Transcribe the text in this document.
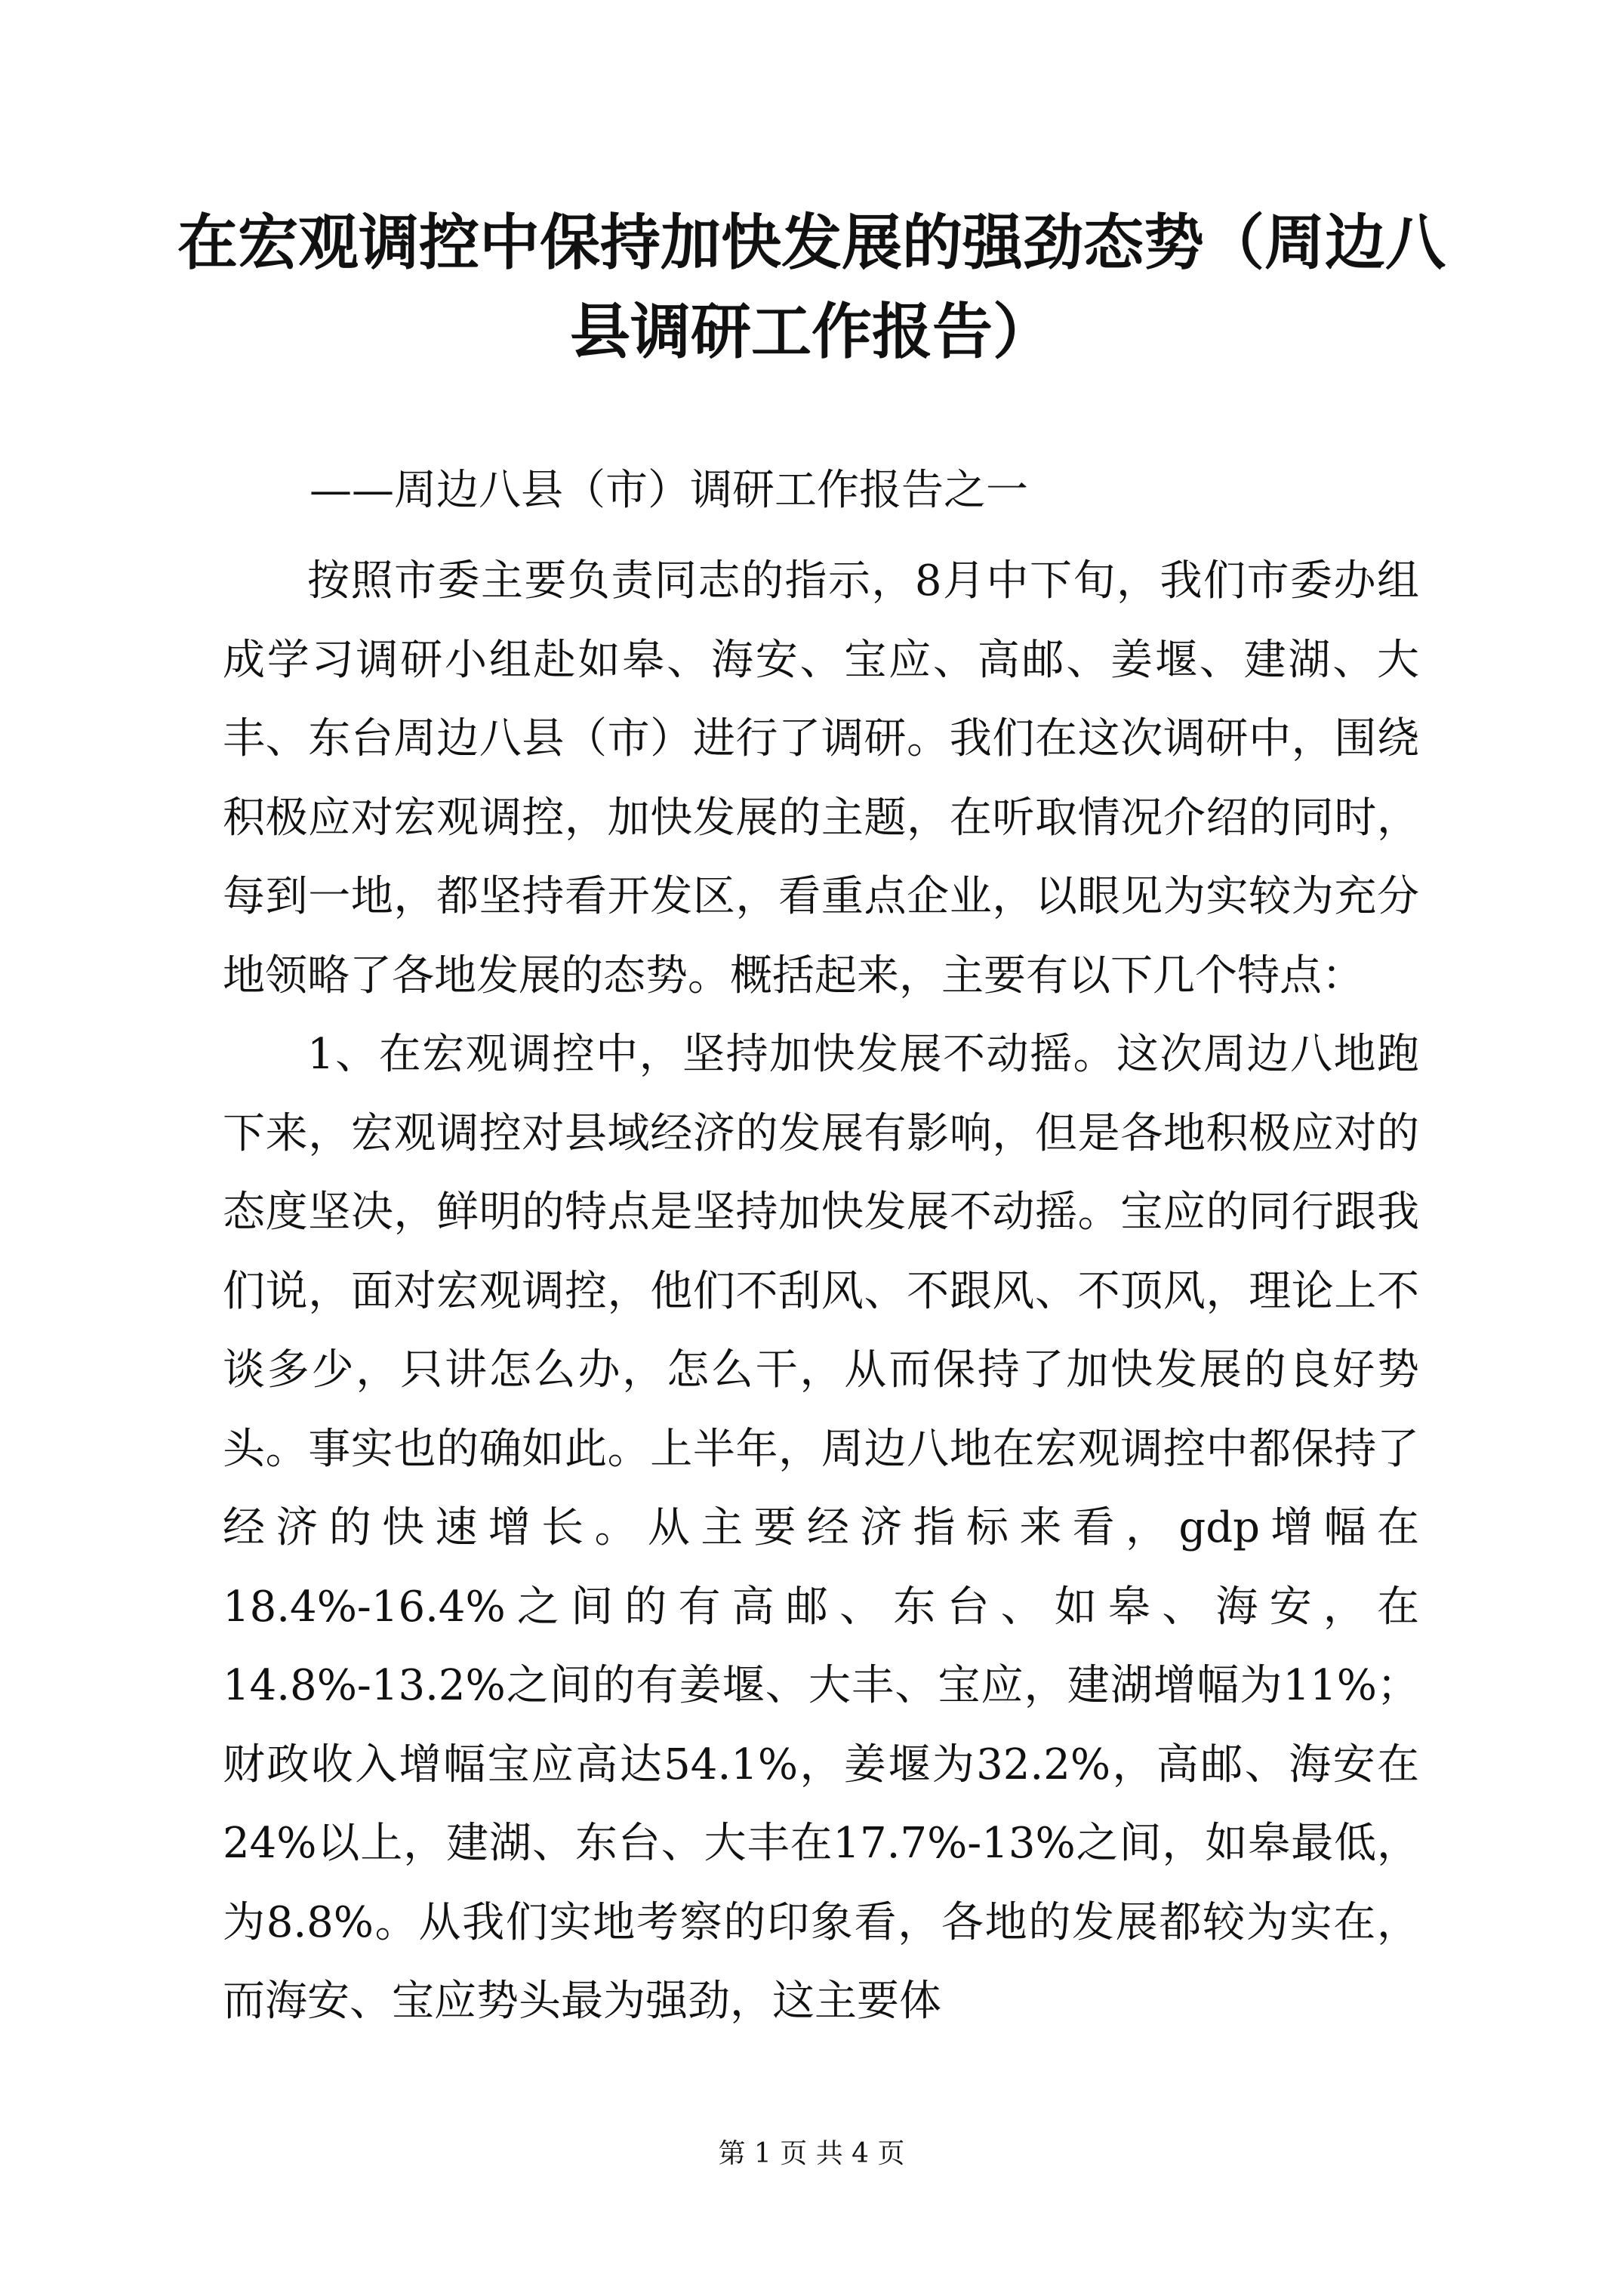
在宏观调控中保持加快发展的强劲态势（周边八县调研工作报告）

——周边八县（市）调研工作报告之一

按照市委主要负责同志的指示，8月中下旬，我们市委办组成学习调研小组赴如皋、海安、宝应、高邮、姜堰、建湖、大丰、东台周边八县（市）进行了调研。我们在这次调研中，围绕积极应对宏观调控，加快发展的主题，在听取情况介绍的同时，每到一地，都坚持看开发区，看重点企业，以眼见为实较为充分地领略了各地发展的态势。概括起来，主要有以下几个特点：

1、在宏观调控中，坚持加快发展不动摇。这次周边八地跑下来，宏观调控对县域经济的发展有影响，但是各地积极应对的态度坚决，鲜明的特点是坚持加快发展不动摇。宝应的同行跟我们说，面对宏观调控，他们不刮风、不跟风、不顶风，理论上不谈多少，只讲怎么办，怎么干，从而保持了加快发展的良好势头。事实也的确如此。上半年，周边八地在宏观调控中都保持了经济的快速增长。从主要经济指标来看，gdp增幅在18.4%-16.4%之间的有高邮、东台、如皋、海安，在14.8%-13.2%之间的有姜堰、大丰、宝应，建湖增幅为11%；财政收入增幅宝应高达54.1%，姜堰为32.2%，高邮、海安在24%以上，建湖、东台、大丰在17.7%-13%之间，如皋最低，为8.8%。从我们实地考察的印象看，各地的发展都较为实在，而海安、宝应势头最为强劲，这主要体

第 1 页 共 4 页
